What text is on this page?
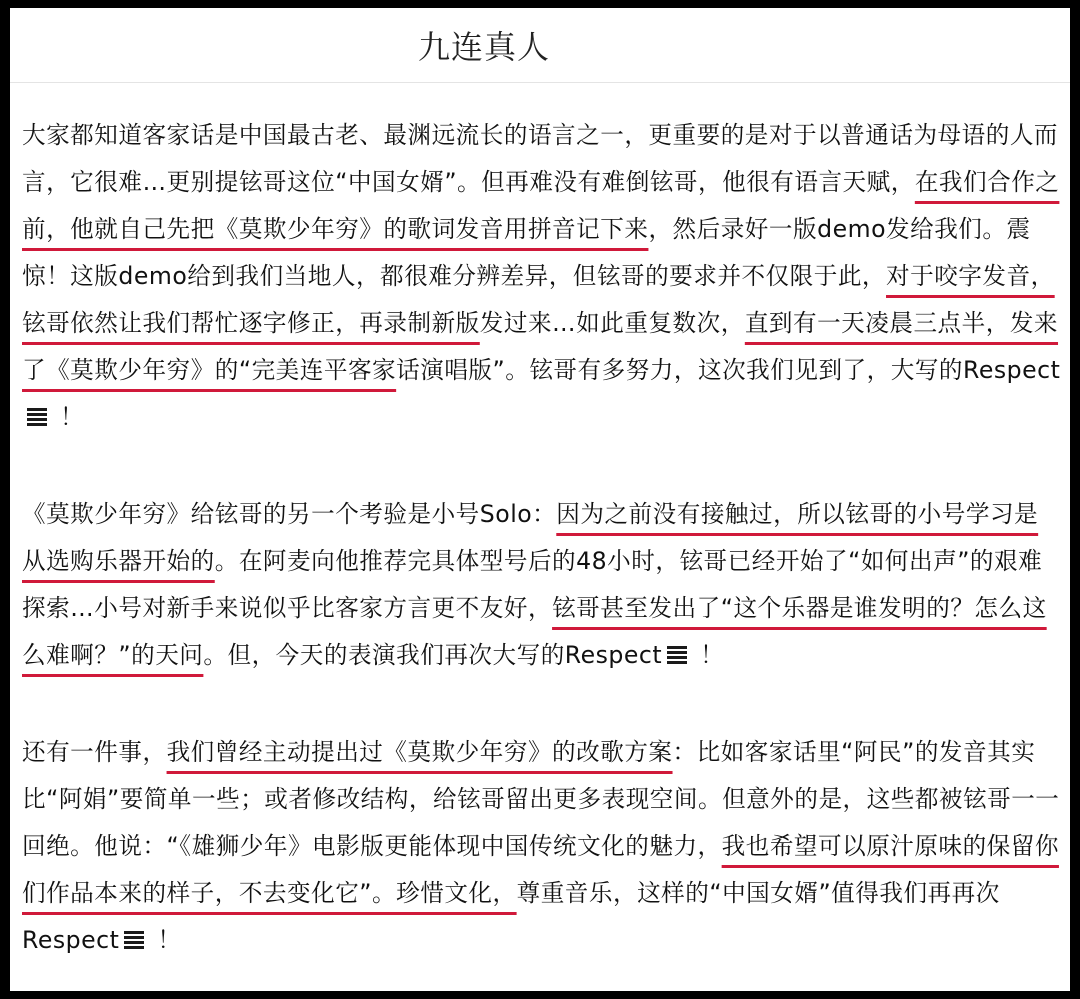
九连真人
大家都知道客家话是中国最古老、最渊远流长的语言之一，更重要的是对于以普通话为母语的人而言，它很难…更别提铉哥这位“中国女婿”。但再难没有难倒铉哥，他很有语言天赋，在我们合作之前，他就自己先把《莫欺少年穷》的歌词发音用拼音记下来，然后录好一版demo发给我们。震惊！这版demo给到我们当地人，都很难分辨差异，但铉哥的要求并不仅限于此，对于咬字发音，铉哥依然让我们帮忙逐字修正，再录制新版发过来…如此重复数次，直到有一天凌晨三点半，发来了《莫欺少年穷》的“完美连平客家话演唱版”。铉哥有多努力，这次我们见到了，大写的Respect ！
《莫欺少年穷》给铉哥的另一个考验是小号Solo：因为之前没有接触过，所以铉哥的小号学习是从选购乐器开始的。在阿麦向他推荐完具体型号后的48小时，铉哥已经开始了“如何出声”的艰难探索…小号对新手来说似乎比客家方言更不友好，铉哥甚至发出了“这个乐器是谁发明的？怎么这么难啊？”的天问。但，今天的表演我们再次大写的Respect ！
还有一件事，我们曾经主动提出过《莫欺少年穷》的改歌方案：比如客家话里“阿民”的发音其实比“阿娟”要简单一些；或者修改结构，给铉哥留出更多表现空间。但意外的是，这些都被铉哥一一回绝。他说：“《雄狮少年》电影版更能体现中国传统文化的魅力，我也希望可以原汁原味的保留你们作品本来的样子，不去变化它”。珍惜文化，尊重音乐，这样的“中国女婿”值得我们再再次Respect ！
